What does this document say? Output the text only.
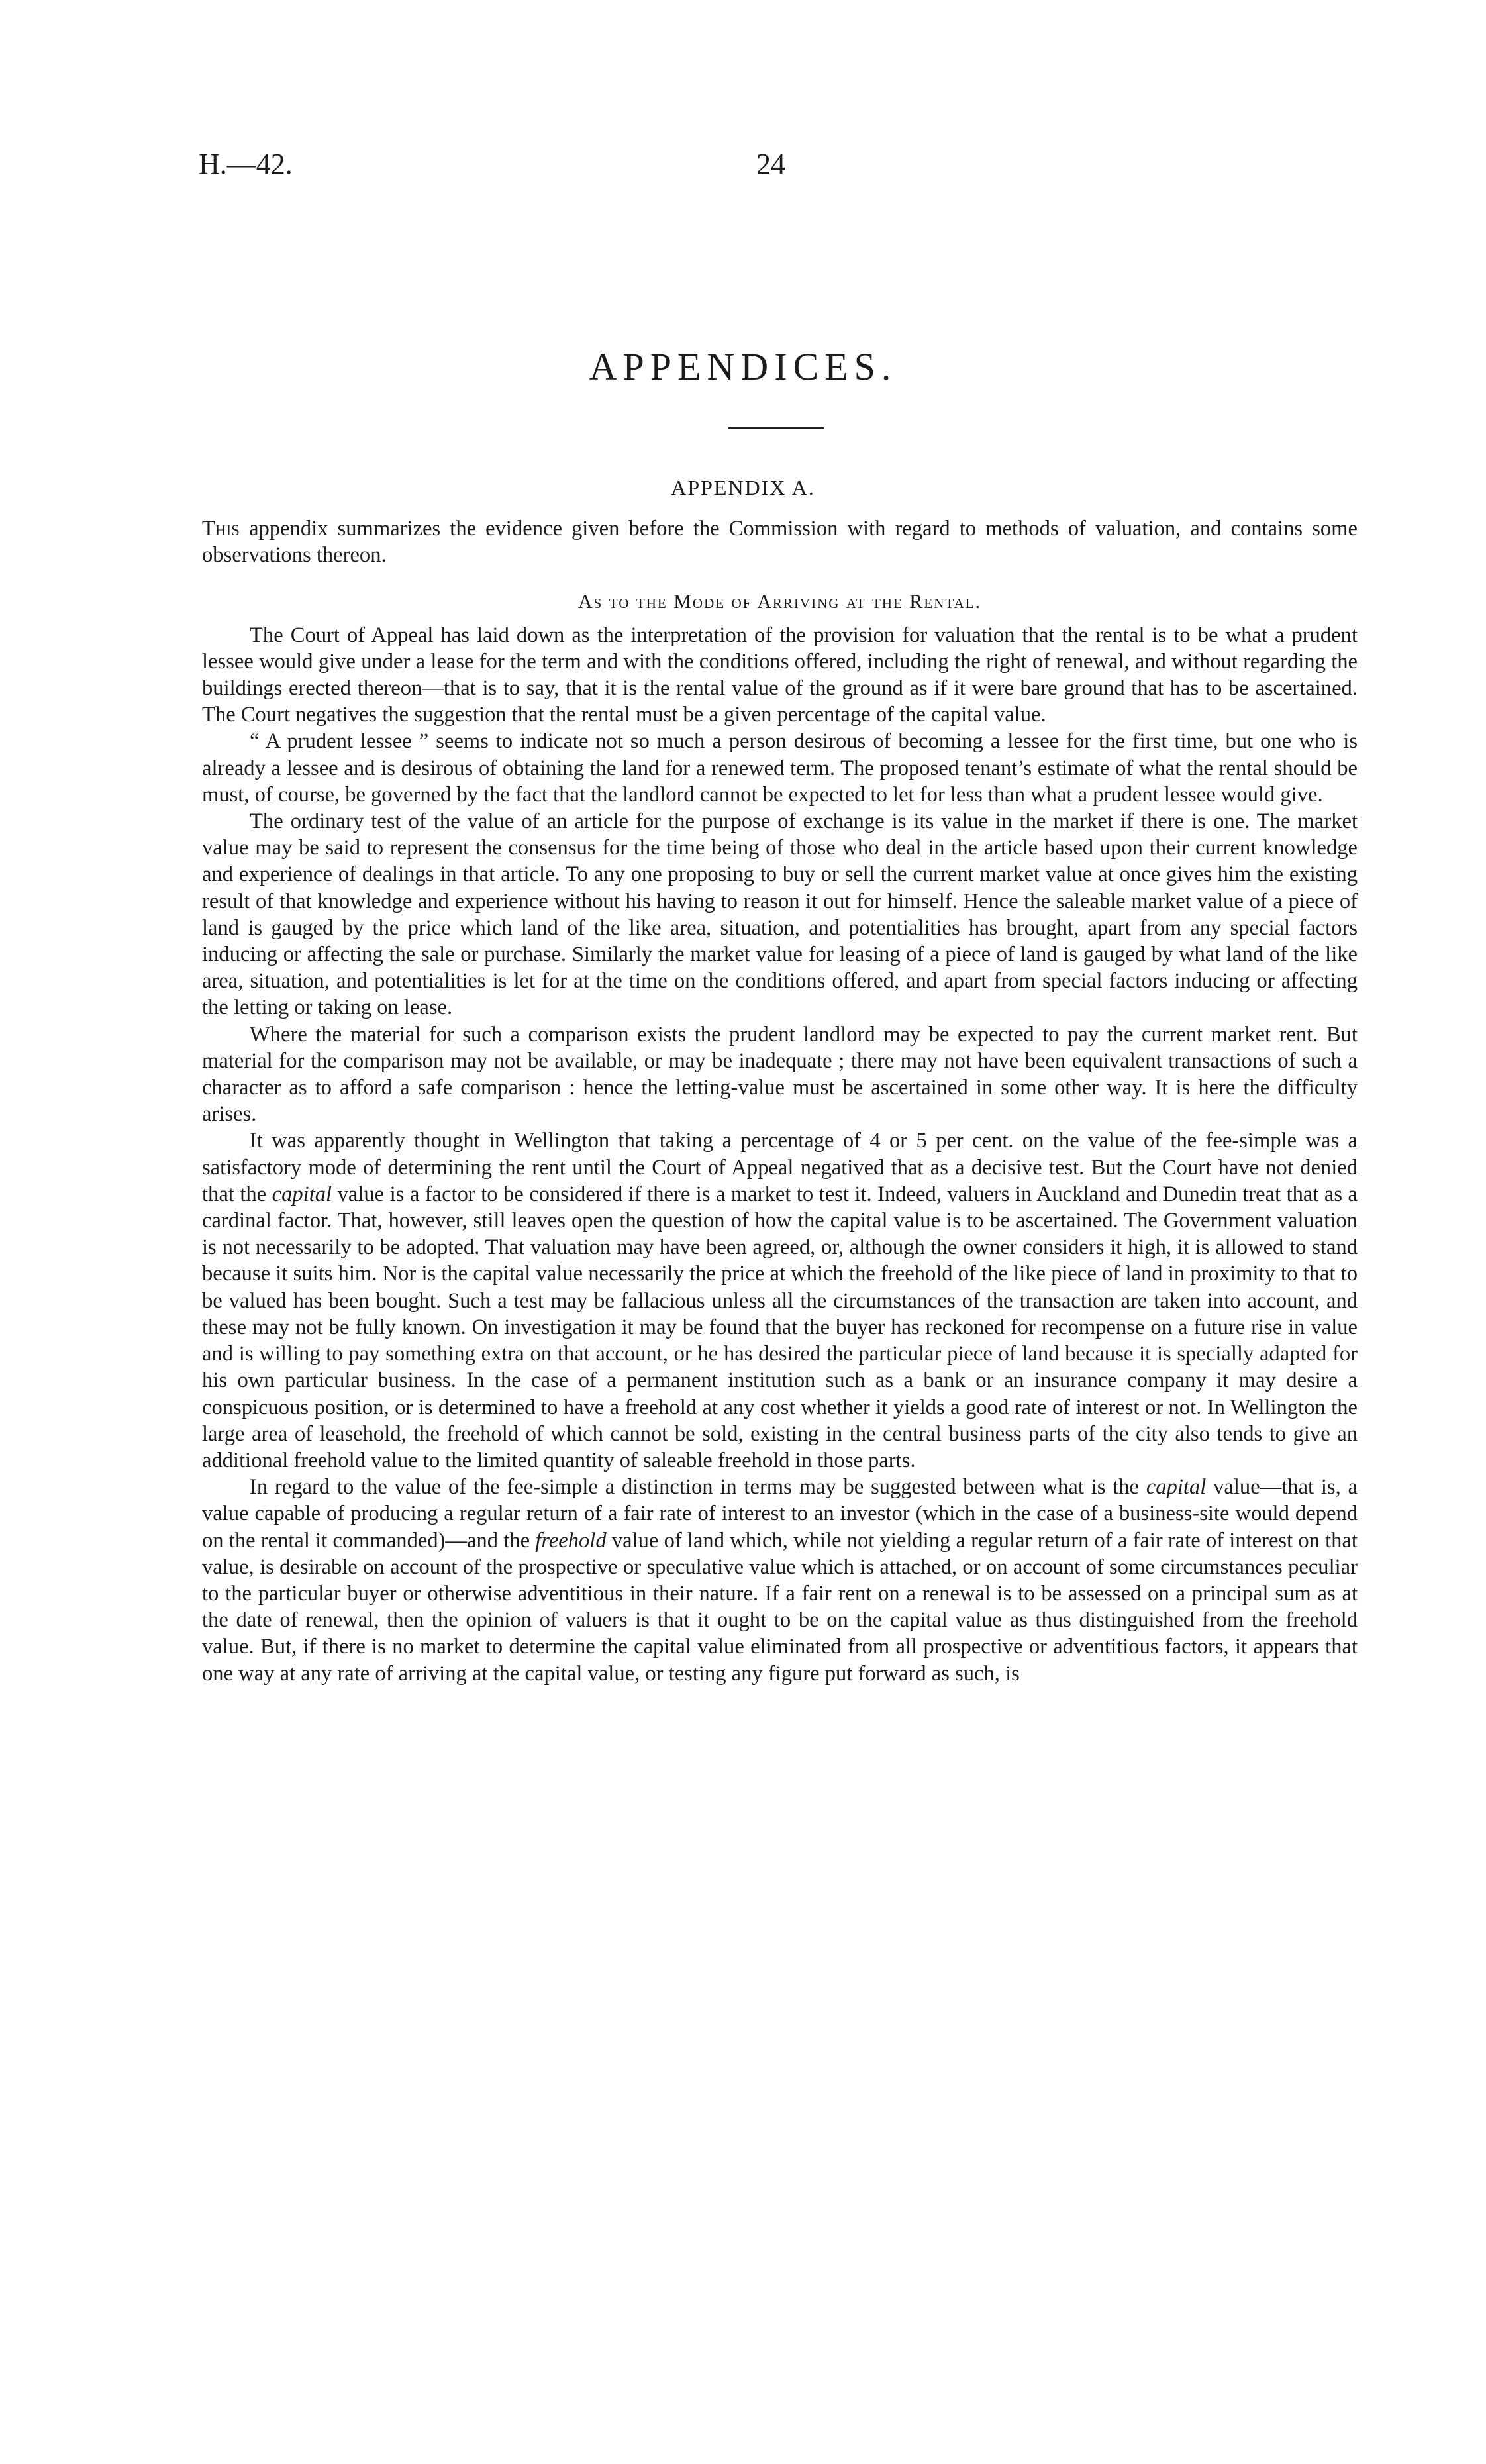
H.—42.	24
APPENDICES.
APPENDIX A.

This appendix summarizes the evidence given before the Commission with regard to methods of valuation, and contains some observations thereon.

As to the Mode of Arriving at the Rental.

The Court of Appeal has laid down as the interpretation of the provision for valuation that the rental is to be what a prudent lessee would give under a lease for the term and with the conditions offered, including the right of renewal, and without regarding the buildings erected thereon—that is to say, that it is the rental value of the ground as if it were bare ground that has to be ascertained. The Court negatives the suggestion that the rental must be a given percentage of the capital value.

“ A prudent lessee ” seems to indicate not so much a person desirous of becoming a lessee for the first time, but one who is already a lessee and is desirous of obtaining the land for a renewed term. The proposed tenant’s estimate of what the rental should be must, of course, be governed by the fact that the landlord cannot be expected to let for less than what a prudent lessee would give.

The ordinary test of the value of an article for the purpose of exchange is its value in the market if there is one. The market value may be said to represent the consensus for the time being of those who deal in the article based upon their current knowledge and experience of dealings in that article. To any one proposing to buy or sell the current market value at once gives him the existing result of that knowledge and experience without his having to reason it out for himself. Hence the saleable market value of a piece of land is gauged by the price which land of the like area, situation, and potentialities has brought, apart from any special factors inducing or affecting the sale or purchase. Similarly the market value for leasing of a piece of land is gauged by what land of the like area, situation, and potentialities is let for at the time on the conditions offered, and apart from special factors inducing or affecting the letting or taking on lease.

Where the material for such a comparison exists the prudent landlord may be expected to pay the current market rent. But material for the comparison may not be available, or may be inadequate ; there may not have been equivalent transactions of such a character as to afford a safe comparison : hence the letting-value must be ascertained in some other way. It is here the difficulty arises.

It was apparently thought in Wellington that taking a percentage of 4 or 5 per cent. on the value of the fee-simple was a satisfactory mode of determining the rent until the Court of Appeal negatived that as a decisive test. But the Court have not denied that the capital value is a factor to be considered if there is a market to test it. Indeed, valuers in Auckland and Dunedin treat that as a cardinal factor. That, however, still leaves open the question of how the capital value is to be ascertained. The Government valuation is not necessarily to be adopted. That valuation may have been agreed, or, although the owner considers it high, it is allowed to stand because it suits him. Nor is the capital value necessarily the price at which the freehold of the like piece of land in proximity to that to be valued has been bought. Such a test may be fallacious unless all the circumstances of the transaction are taken into account, and these may not be fully known. On investigation it may be found that the buyer has reckoned for recompense on a future rise in value and is willing to pay something extra on that account, or he has desired the particular piece of land because it is specially adapted for his own particular business. In the case of a permanent institution such as a bank or an insurance company it may desire a conspicuous position, or is determined to have a freehold at any cost whether it yields a good rate of interest or not. In Wellington the large area of leasehold, the freehold of which cannot be sold, existing in the central business parts of the city also tends to give an additional freehold value to the limited quantity of saleable freehold in those parts.

In regard to the value of the fee-simple a distinction in terms may be suggested between what is the capital value—that is, a value capable of producing a regular return of a fair rate of interest to an investor (which in the case of a business-site would depend on the rental it commanded)—and the freehold value of land which, while not yielding a regular return of a fair rate of interest on that value, is desirable on account of the prospective or speculative value which is attached, or on account of some circumstances peculiar to the particular buyer or otherwise adventitious in their nature. If a fair rent on a renewal is to be assessed on a principal sum as at the date of renewal, then the opinion of valuers is that it ought to be on the capital value as thus distinguished from the freehold value. But, if there is no market to determine the capital value eliminated from all prospective or adventitious factors, it appears that one way at any rate of arriving at the capital value, or testing any figure put forward as such, is
